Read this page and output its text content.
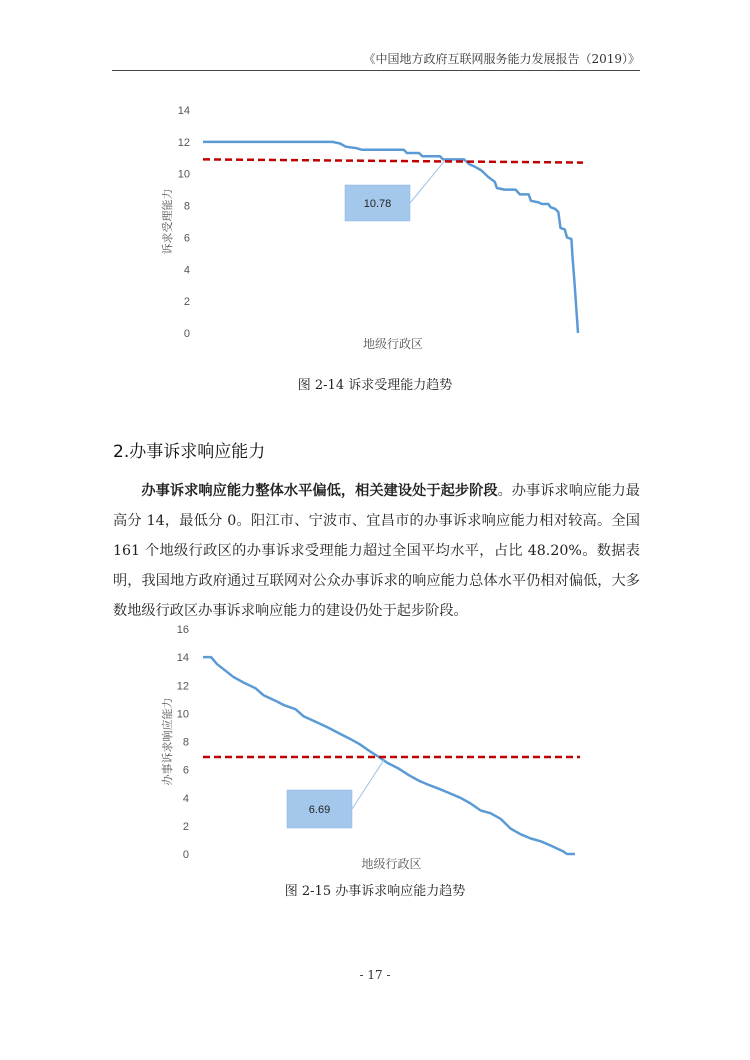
《中国地方政府互联网服务能力发展报告（2019）》
0
2
4
6
8
10
12
14
诉求受理能力
地级行政区
10.78
图 2-14 诉求受理能力趋势
2.办事诉求响应能力

办事诉求响应能力整体水平偏低，相关建设处于起步阶段。办事诉求响应能力最高分 14，最低分 0。阳江市、宁波市、宜昌市的办事诉求响应能力相对较高。全国 161 个地级行政区的办事诉求受理能力超过全国平均水平，占比 48.20%。数据表明，我国地方政府通过互联网对公众办事诉求的响应能力总体水平仍相对偏低，大多数地级行政区办事诉求响应能力的建设仍处于起步阶段。

0
2
4
6
8
10
12
14
16
办事诉求响应能力
地级行政区
6.69
图 2-15 办事诉求响应能力趋势
- 17 -
